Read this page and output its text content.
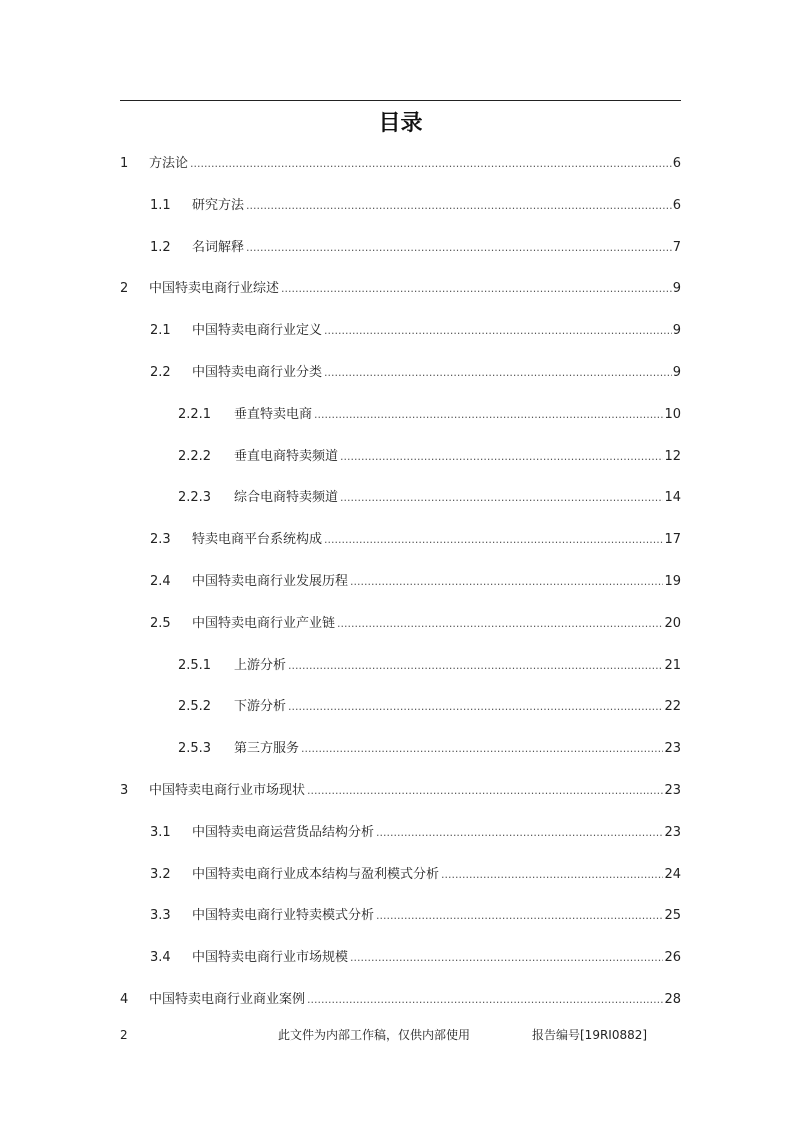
目录
1	方法论 .....	6
1.1	研究方法 .....	6
1.2	名词解释 .....	7
2	中国特卖电商行业综述 .....	9
2.1	中国特卖电商行业定义 .....	9
2.2	中国特卖电商行业分类 .....	9
2.2.1	垂直特卖电商 .....	10
2.2.2	垂直电商特卖频道 .....	12
2.2.3	综合电商特卖频道 .....	14
2.3	特卖电商平台系统构成 .....	17
2.4	中国特卖电商行业发展历程 .....	19
2.5	中国特卖电商行业产业链 .....	20
2.5.1	上游分析 .....	21
2.5.2	下游分析 .....	22
2.5.3	第三方服务 .....	23
3	中国特卖电商行业市场现状 .....	23
3.1	中国特卖电商运营货品结构分析 .....	23
3.2	中国特卖电商行业成本结构与盈利模式分析 .....	24
3.3	中国特卖电商行业特卖模式分析 .....	25
3.4	中国特卖电商行业市场规模 .....	26
4	中国特卖电商行业商业案例 .....	28
2	此文件为内部工作稿，仅供内部使用	报告编号[19RI0882]
